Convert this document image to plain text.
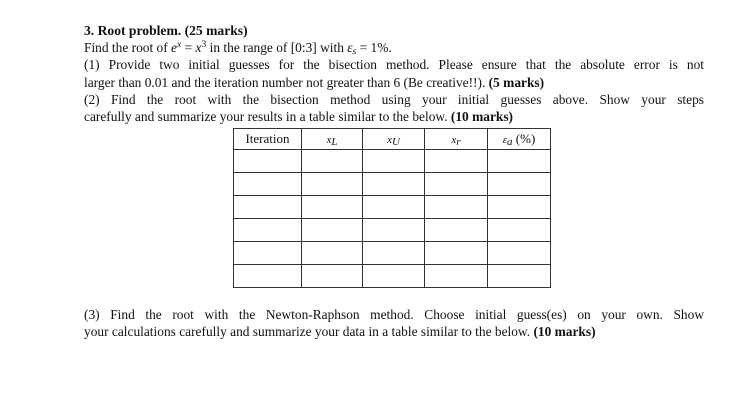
3. Root problem. (25 marks)
Find the root of $e^x = x^3$ in the range of [0:3] with $\varepsilon_s = 1\%$.
(1) Provide two initial guesses for the bisection method. Please ensure that the absolute error is not
larger than 0.01 and the iteration number not greater than 6 (Be creative!!). (5 marks)
(2) Find the root with the bisection method using your initial guesses above. Show your steps
carefully and summarize your results in a table similar to the below. (10 marks)
Iteration	$x_L$	$x_U$	$x_r$	$\varepsilon_a$ (%)

(3) Find the root with the Newton-Raphson method. Choose initial guess(es) on your own. Show
your calculations carefully and summarize your data in a table similar to the below. (10 marks)
